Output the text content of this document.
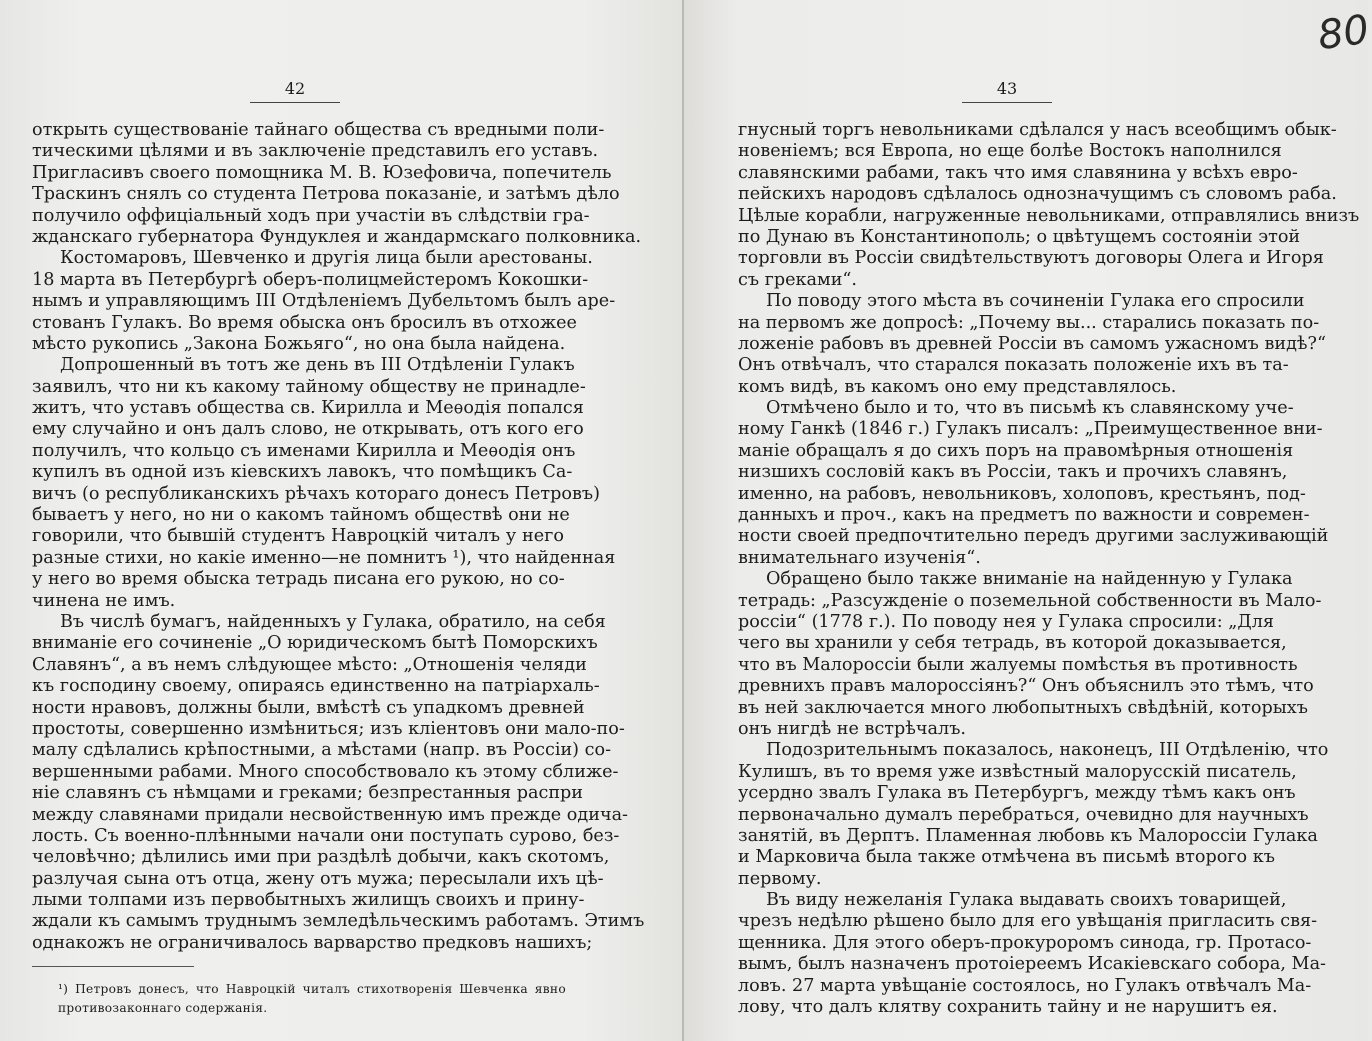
80
42	43
открыть существованіе тайнаго общества съ вредными поли-
тическими цѣлями и въ заключеніе представилъ его уставъ.
Пригласивъ своего помощника М. В. Юзефовича, попечитель
Траскинъ снялъ со студента Петрова показаніе, и затѣмъ дѣло
получило оффиціальный ходъ при участіи въ слѣдствіи гра-
жданскаго губернатора Фундуклея и жандармскаго полковника.
Костомаровъ, Шевченко и другія лица были арестованы.
18 марта въ Петербургѣ оберъ-полицмейстеромъ Кокошки-
нымъ и управляющимъ III Отдѣленіемъ Дубельтомъ былъ аре-
стованъ Гулакъ. Во время обыска онъ бросилъ въ отхожее
мѣсто рукопись „Закона Божьяго“, но она была найдена.
Допрошенный въ тотъ же день въ III Отдѣленіи Гулакъ
заявилъ, что ни къ какому тайному обществу не принадле-
житъ, что уставъ общества св. Кирилла и Меѳодія попался
ему случайно и онъ далъ слово, не открывать, отъ кого его
получилъ, что кольцо съ именами Кирилла и Меѳодія онъ
купилъ въ одной изъ кіевскихъ лавокъ, что помѣщикъ Са-
вичъ (о республиканскихъ рѣчахъ котораго донесъ Петровъ)
бываетъ у него, но ни о какомъ тайномъ обществѣ они не
говорили, что бывшій студентъ Навроцкій читалъ у него
разные стихи, но какіе именно—не помнитъ ¹), что найденная
у него во время обыска тетрадь писана его рукою, но со-
чинена не имъ.
Въ числѣ бумагъ, найденныхъ у Гулака, обратило, на себя
вниманіе его сочиненіе „О юридическомъ бытѣ Поморскихъ
Славянъ“, а въ немъ слѣдующее мѣсто: „Отношенія челяди
къ господину своему, опираясь единственно на патріархаль-
ности нравовъ, должны были, вмѣстѣ съ упадкомъ древней
простоты, совершенно измѣниться; изъ кліентовъ они мало-по-
малу сдѣлались крѣпостными, а мѣстами (напр. въ Россіи) со-
вершенными рабами. Много способствовало къ этому сближе-
ніе славянъ съ нѣмцами и греками; безпрестанныя распри
между славянами придали несвойственную имъ прежде одича-
лость. Съ военно-плѣнными начали они поступать сурово, без-
человѣчно; дѣлились ими при раздѣлѣ добычи, какъ скотомъ,
разлучая сына отъ отца, жену отъ мужа; пересылали ихъ цѣ-
лыми толпами изъ первобытныхъ жилищъ своихъ и прину-
ждали къ самымъ труднымъ земледѣльческимъ работамъ. Этимъ
однакожъ не ограничивалось варварство предковъ нашихъ;
гнусный торгъ невольниками сдѣлался у насъ всеобщимъ обык-
новеніемъ; вся Европа, но еще болѣе Востокъ наполнился
славянскими рабами, такъ что имя славянина у всѣхъ евро-
пейскихъ народовъ сдѣлалось однозначущимъ съ словомъ раба.
Цѣлые корабли, нагруженные невольниками, отправлялись внизъ
по Дунаю въ Константинополь; о цвѣтущемъ состояніи этой
торговли въ Россіи свидѣтельствуютъ договоры Олега и Игоря
съ греками“.
По поводу этого мѣста въ сочиненіи Гулака его спросили
на первомъ же допросѣ: „Почему вы... старались показать по-
ложеніе рабовъ въ древней Россіи въ самомъ ужасномъ видѣ?“
Онъ отвѣчалъ, что старался показать положеніе ихъ въ та-
комъ видѣ, въ какомъ оно ему представлялось.
Отмѣчено было и то, что въ письмѣ къ славянскому уче-
ному Ганкѣ (1846 г.) Гулакъ писалъ: „Преимущественное вни-
маніе обращалъ я до сихъ поръ на правомѣрныя отношенія
низшихъ сословій какъ въ Россіи, такъ и прочихъ славянъ,
именно, на рабовъ, невольниковъ, холоповъ, крестьянъ, под-
данныхъ и проч., какъ на предметъ по важности и современ-
ности своей предпочтительно передъ другими заслуживающій
внимательнаго изученія“.
Обращено было также вниманіе на найденную у Гулака
тетрадь: „Разсужденіе о поземельной собственности въ Мало-
россіи“ (1778 г.). По поводу нея у Гулака спросили: „Для
чего вы хранили у себя тетрадь, въ которой доказывается,
что въ Малороссіи были жалуемы помѣстья въ противность
древнихъ правъ малороссіянъ?“ Онъ объяснилъ это тѣмъ, что
въ ней заключается много любопытныхъ свѣдѣній, которыхъ
онъ нигдѣ не встрѣчалъ.
Подозрительнымъ показалось, наконецъ, III Отдѣленію, что
Кулишъ, въ то время уже извѣстный малорусскій писатель,
усердно звалъ Гулака въ Петербургъ, между тѣмъ какъ онъ
первоначально думалъ перебраться, очевидно для научныхъ
занятій, въ Дерптъ. Пламенная любовь къ Малороссіи Гулака
и Марковича была также отмѣчена въ письмѣ второго къ
первому.
Въ виду нежеланія Гулака выдавать своихъ товарищей,
чрезъ недѣлю рѣшено было для его увѣщанія пригласить свя-
щенника. Для этого оберъ-прокуроромъ синода, гр. Протасо-
вымъ, былъ назначенъ протоіереемъ Исакіевскаго собора, Ма-
ловъ. 27 марта увѣщаніе состоялось, но Гулакъ отвѣчалъ Ма-
лову, что далъ клятву сохранить тайну и не нарушитъ ея.
¹) Петровъ донесъ, что Навроцкій читалъ стихотворенія Шевченка явно
противозаконнаго содержанія.
